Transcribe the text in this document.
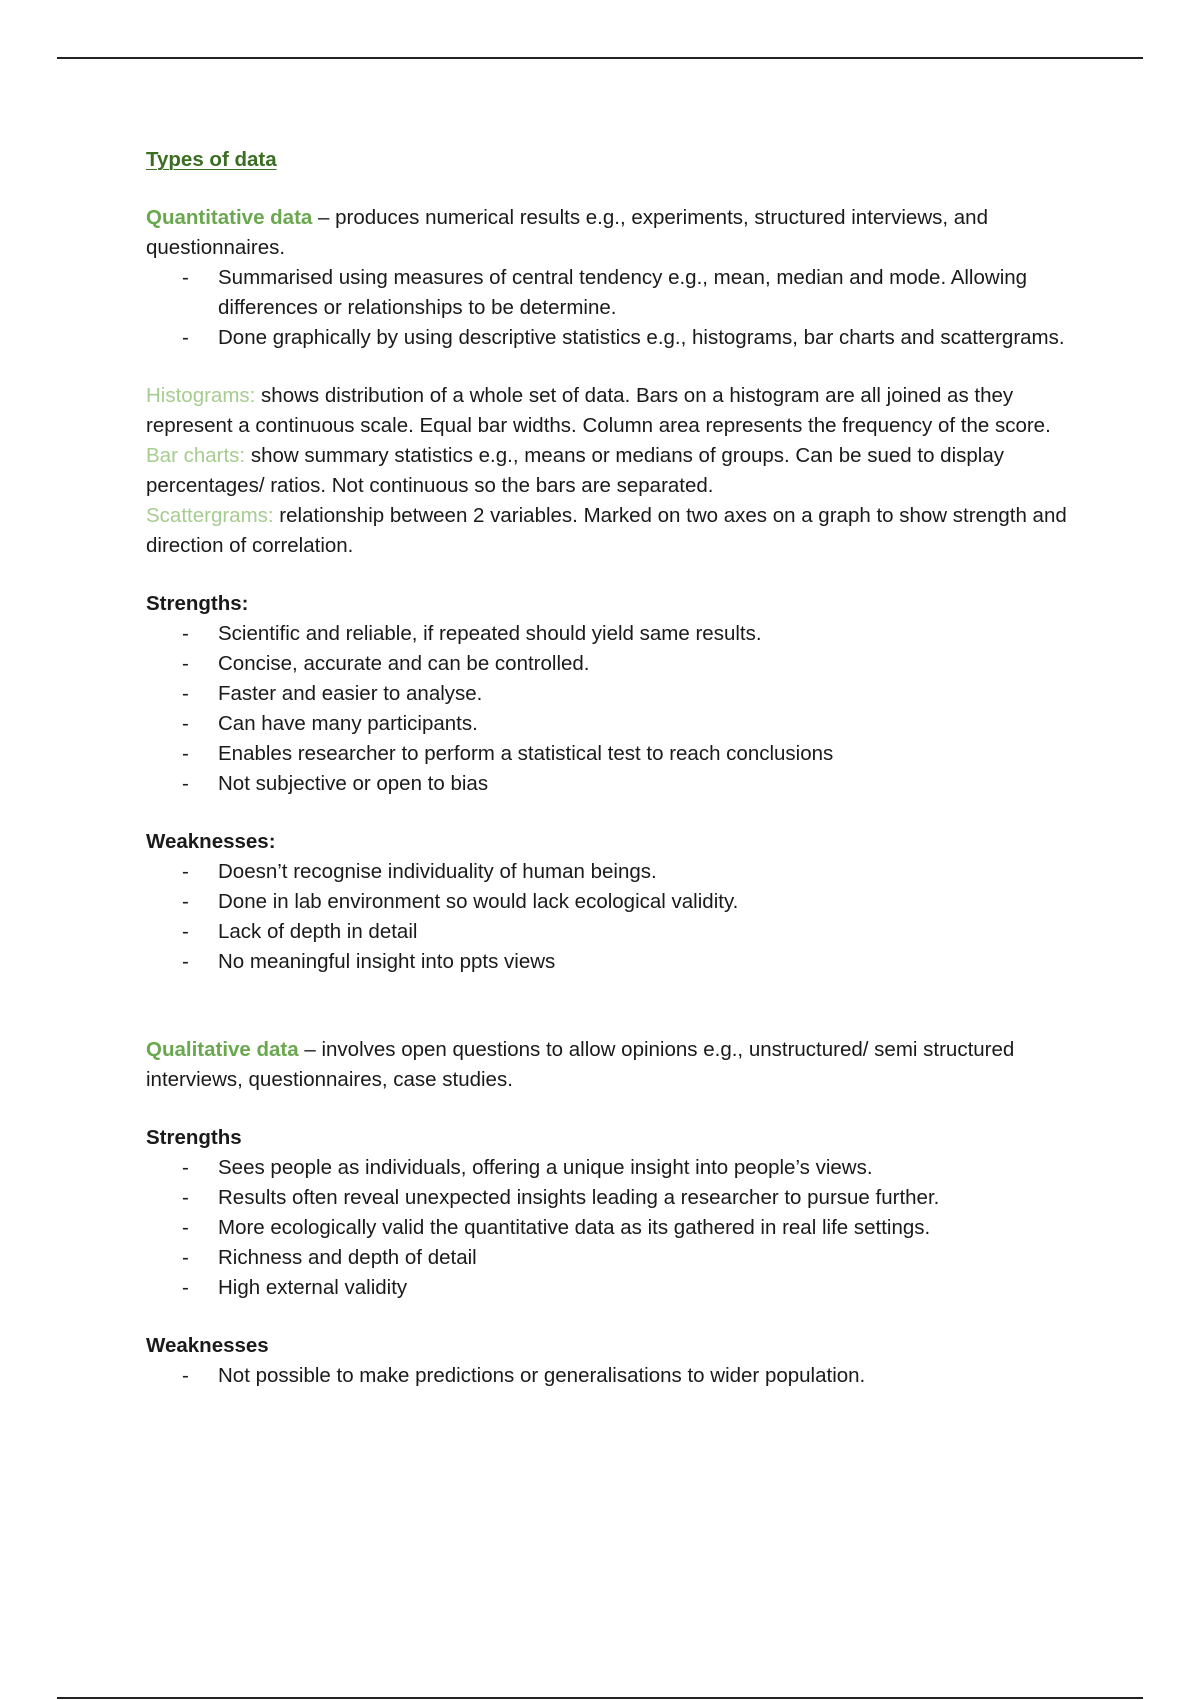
Types of data

Quantitative data – produces numerical results e.g., experiments, structured interviews, and questionnaires.

- Summarised using measures of central tendency e.g., mean, median and mode. Allowing differences or relationships to be determine.
- Done graphically by using descriptive statistics e.g., histograms, bar charts and scattergrams.

Histograms: shows distribution of a whole set of data. Bars on a histogram are all joined as they represent a continuous scale. Equal bar widths. Column area represents the frequency of the score.

Bar charts: show summary statistics e.g., means or medians of groups. Can be sued to display percentages/ ratios. Not continuous so the bars are separated.

Scattergrams: relationship between 2 variables. Marked on two axes on a graph to show strength and direction of correlation.

Strengths:

- Scientific and reliable, if repeated should yield same results.
- Concise, accurate and can be controlled.
- Faster and easier to analyse.
- Can have many participants.
- Enables researcher to perform a statistical test to reach conclusions
- Not subjective or open to bias

Weaknesses:

- Doesn’t recognise individuality of human beings.
- Done in lab environment so would lack ecological validity.
- Lack of depth in detail
- No meaningful insight into ppts views

Qualitative data – involves open questions to allow opinions e.g., unstructured/ semi structured interviews, questionnaires, case studies.

Strengths

- Sees people as individuals, offering a unique insight into people’s views.
- Results often reveal unexpected insights leading a researcher to pursue further.
- More ecologically valid the quantitative data as its gathered in real life settings.
- Richness and depth of detail
- High external validity

Weaknesses

- Not possible to make predictions or generalisations to wider population.
